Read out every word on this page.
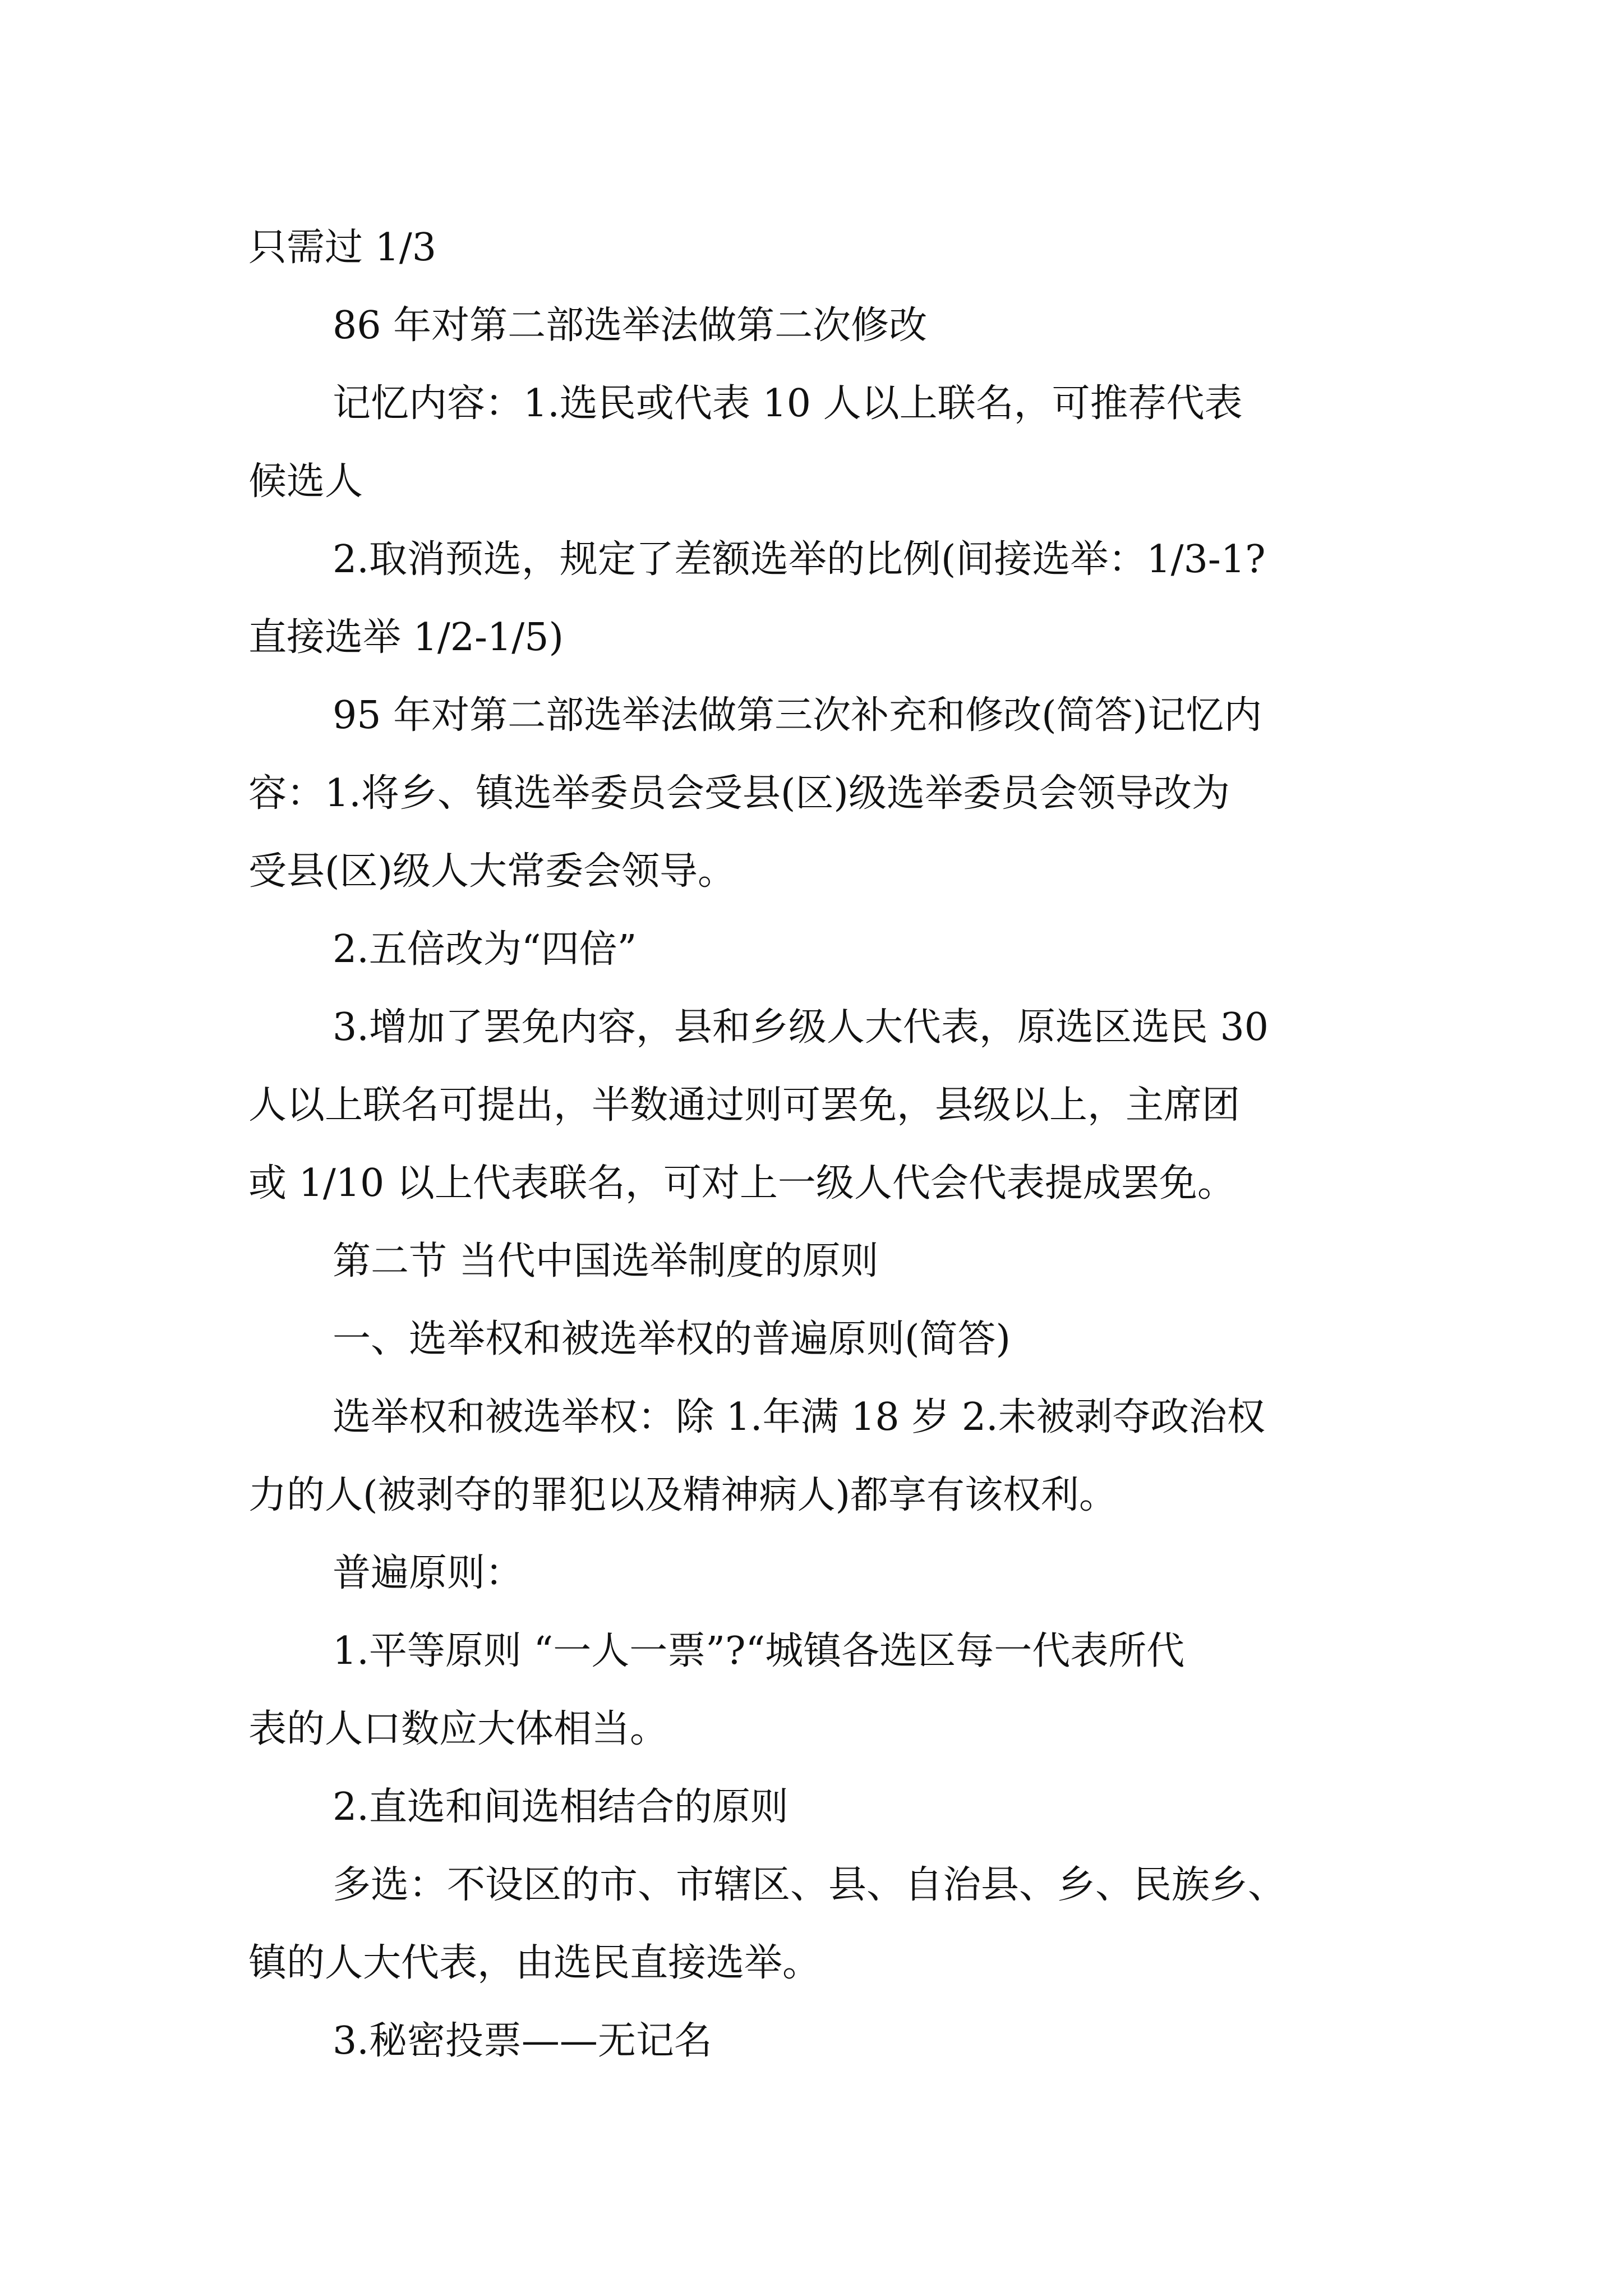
只需过 1/3

86 年对第二部选举法做第二次修改

记忆内容：1.选民或代表 10 人以上联名，可推荐代表
候选人

2.取消预选，规定了差额选举的比例(间接选举：1/3-1?
直接选举 1/2-1/5)

95 年对第二部选举法做第三次补充和修改(简答)记忆内
容：1.将乡、镇选举委员会受县(区)级选举委员会领导改为
受县(区)级人大常委会领导。

2.五倍改为“四倍”

3.增加了罢免内容，县和乡级人大代表，原选区选民 30
人以上联名可提出，半数通过则可罢免，县级以上，主席团
或 1/10 以上代表联名，可对上一级人代会代表提成罢免。

第二节 当代中国选举制度的原则

一、选举权和被选举权的普遍原则(简答)

选举权和被选举权：除 1.年满 18 岁 2.未被剥夺政治权
力的人(被剥夺的罪犯以及精神病人)都享有该权利。

普遍原则：

1.平等原则 “一人一票”?“城镇各选区每一代表所代
表的人口数应大体相当。

2.直选和间选相结合的原则

多选：不设区的市、市辖区、县、自治县、乡、民族乡、
镇的人大代表，由选民直接选举。

3.秘密投票——无记名
